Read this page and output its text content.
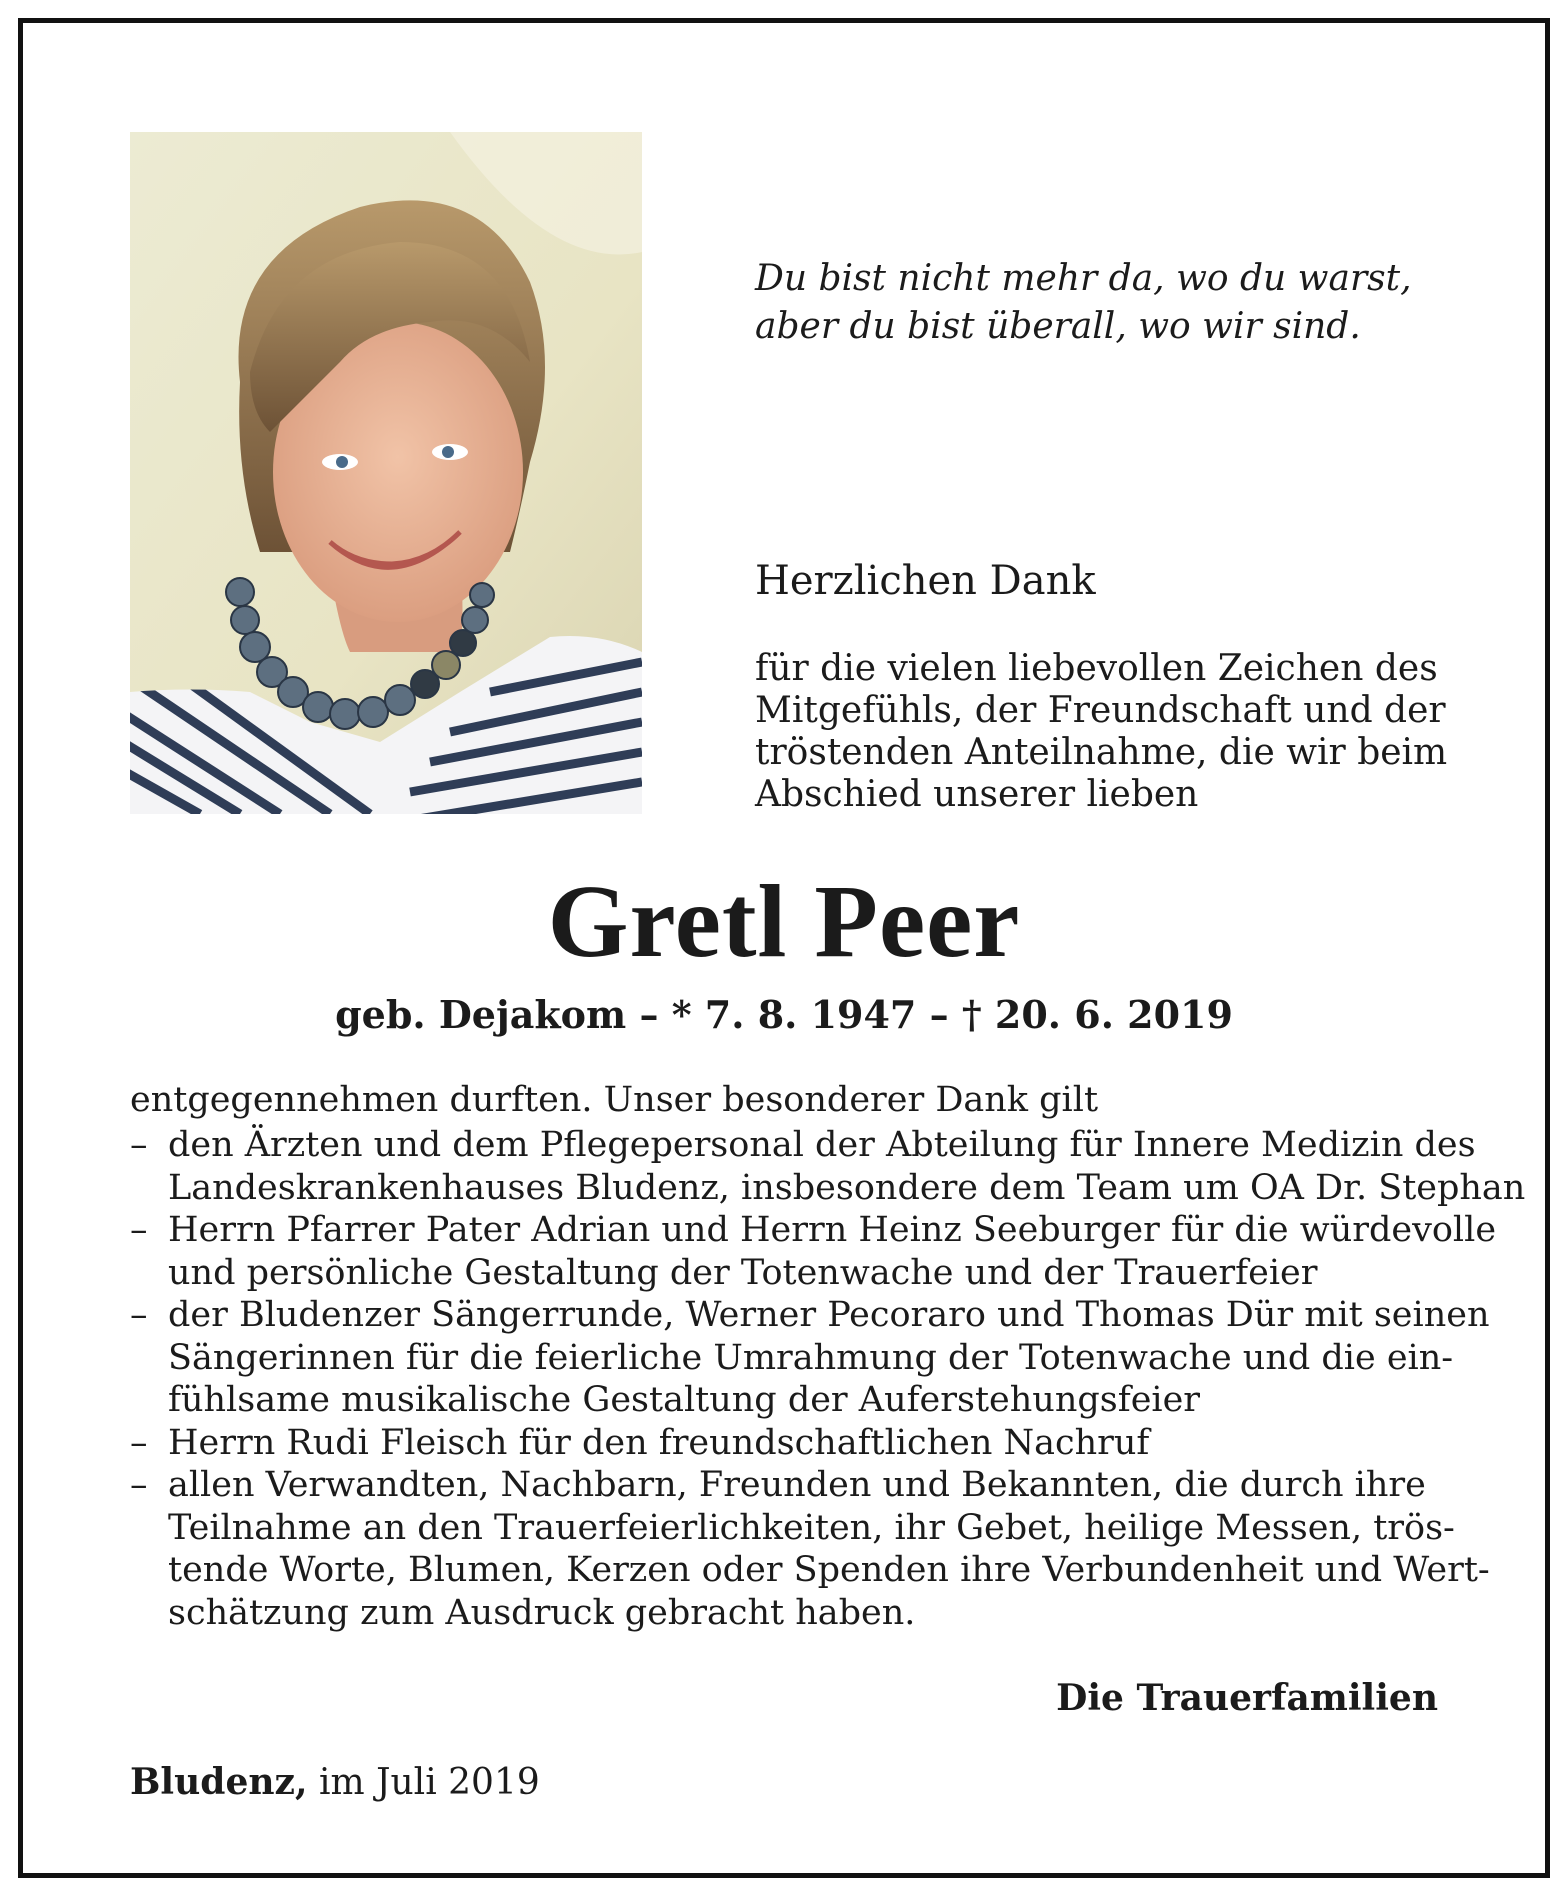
Du bist nicht mehr da, wo du warst,
aber du bist überall, wo wir sind.

Herzlichen Dank

für die vielen liebevollen Zeichen des
Mitgefühls, der Freundschaft und der
tröstenden Anteilnahme, die wir beim
Abschied unserer lieben

Gretl Peer

geb. Dejakom – * 7. 8. 1947 – † 20. 6. 2019

entgegennehmen durften. Unser besonderer Dank gilt

– den Ärzten und dem Pflegepersonal der Abteilung für Innere Medizin des
Landeskrankenhauses Bludenz, insbesondere dem Team um OA Dr. Stephan
– Herrn Pfarrer Pater Adrian und Herrn Heinz Seeburger für die würdevolle
und persönliche Gestaltung der Totenwache und der Trauerfeier
– der Bludenzer Sängerrunde, Werner Pecoraro und Thomas Dür mit seinen
Sängerinnen für die feierliche Umrahmung der Totenwache und die ein-
fühlsame musikalische Gestaltung der Auferstehungsfeier
– Herrn Rudi Fleisch für den freundschaftlichen Nachruf
– allen Verwandten, Nachbarn, Freunden und Bekannten, die durch ihre
Teilnahme an den Trauerfeierlichkeiten, ihr Gebet, heilige Messen, trös-
tende Worte, Blumen, Kerzen oder Spenden ihre Verbundenheit und Wert-
schätzung zum Ausdruck gebracht haben.

Die Trauerfamilien

Bludenz, im Juli 2019
